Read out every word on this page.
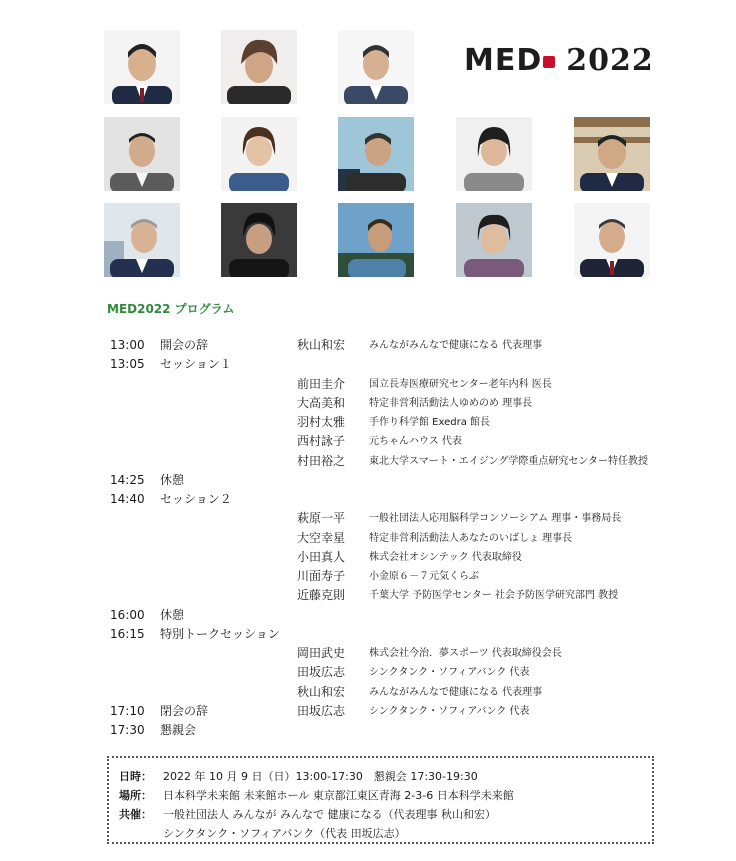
MED 2022
MED2022 プログラム
13:00 開会の辞	秋山和宏 みんながみんなで健康になる 代表理事
13:05 セッション１
前田圭介 国立長寿医療研究センター老年内科 医長
大高美和 特定非営利活動法人ゆめのめ 理事長
羽村太雅 手作り科学館 Exedra 館長
西村詠子 元ちゃんハウス 代表
村田裕之 東北大学スマート・エイジング学際重点研究センター特任教授
14:25 休憩
14:40 セッション２
萩原一平 一般社団法人応用脳科学コンソーシアム 理事・事務局長
大空幸星 特定非営利活動法人あなたのいばしょ 理事長
小田真人 株式会社オシンテック 代表取締役
川面寿子 小金原６－７元気くらぶ
近藤克則 千葉大学 予防医学センター 社会予防医学研究部門 教授
16:00 休憩
16:15 特別トークセッション
岡田武史 株式会社今治．夢スポーツ 代表取締役会長
田坂広志 シンクタンク・ソフィアバンク 代表
秋山和宏 みんながみんなで健康になる 代表理事
17:10 閉会の辞	田坂広志 シンクタンク・ソフィアバンク 代表
17:30 懇親会
日時： 2022 年 10 月 9 日（日）13:00-17:30　懇親会 17:30-19:30
場所： 日本科学未来館 未来館ホール 東京都江東区青海 2-3-6 日本科学未来館
共催： 一般社団法人 みんなが みんなで 健康になる（代表理事 秋山和宏）
シンクタンク・ソフィアバンク（代表 田坂広志）
